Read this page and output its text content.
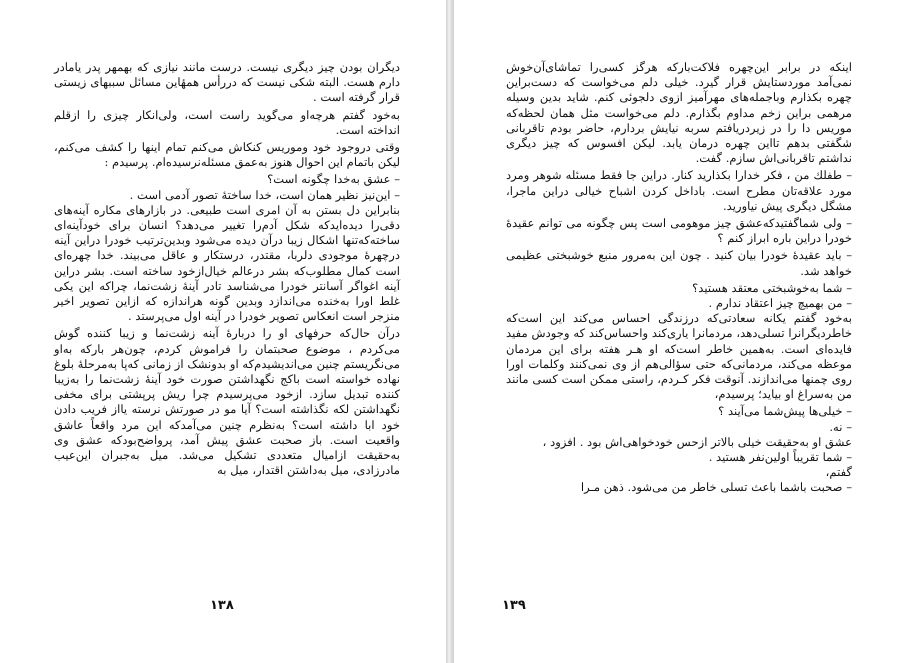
دیگران بودن چیز دیگری نیست. درست مانند نیازی که بهمهر پدر یامادر دارم هست. البته شکی نیست که دررأس همهٔاین مسائل سببهای زیستی قرار گرفته است .

به‌خود گفتم هرچه‌او می‌گوید راست است، ولی‌انکار چیزی را ازقلم انداخته است.

وقتی دروجود خود وموریس کنکاش می‌کنم تمام اینها را کشف می‌کنم، لیکن باتمام این احوال هنوز به‌عمق مسئله‌نرسیده‌ام. پرسیدم :

– عشق به‌خدا چگونه است؟

– این‌نیز نظیر همان است، خدا ساختهٔ تصور آدمی است .

بنابراین دل بستن به آن امری است طبیعی. در بازارهای مکاره آینه‌های دقی‌را دیده‌اید‌که شکل آدم‌را تغییر می‌دهد؟ انسان برای خودآینه‌ای ساخته‌که‌تنها اشکال زیبا درآن دیده می‌شود وبدین‌ترتیب خودرا دراین آینه درچهرهٔ موجودی دلربا، مقتدر، درستکار و عاقل می‌بیند. خدا چهره‌ای است کمال مطلوب‌که بشر درعالم خیال‌ازخود ساخته است. بشر دراین آینه اغواگر آسانتر خودرا می‌شناسد تادر آینهٔ زشت‌نما، چراکه این یکی غلط اورا به‌خنده می‌اندازد وبدین گونه هراندازه که ازاین تصویر اخیر منزجر است انعکاس تصویر خودرا در آینه اول می‌پرستد .

درآن حال‌که حرفهای او را دربارهٔ آینه زشت‌نما و زیبا کننده گوش می‌کردم ، موضوع صحبتمان را فراموش کردم، چون‌هر بارکه به‌او می‌نگریستم چنین می‌اندیشیدم‌که او بدونشک از زمانی که‌پا به‌مرحلهٔ بلوغ نهاده خواسته است باکج نگهداشتن صورت خود آینهٔ زشت‌نما را به‌زیبا کننده تبدیل سازد. ازخود می‌پرسیدم چرا ریش پرپشتی برای مخفی نگهداشتن لکه نگذاشته است؟ آیا مو در صورتش نرسته یااز فریب دادن خود ابا داشته است؟ به‌نظرم چنین می‌آمدکه این مرد واقعاً عاشق واقعیت است. باز صحبت عشق پیش آمد، پرواضح‌بودکه عشق وی به‌حقیقت ازامیال متعددی تشکیل می‌شد. میل به‌جبران این‌عیب مادرزادی، میل به‌داشتن اقتدار، میل به

۱۳۸

اینکه در برابر این‌چهره فلاکت‌بارکه هرگز کسی‌را تماشای‌آن‌خوش نمی‌آمد موردستایش قرار گیرد. خیلی دلم می‌خواست که دست‌براین چهره بکذارم وباجمله‌های مهرآمیز ازوی دلجوئی کنم. شاید بدین وسیله مرهمی براین زخم مداوم بگذارم. دلم می‌خواست مثل همان لحظه‌که موریس دا را در زیردریافتم سربه نیایش بردارم، حاضر بودم تاقربانی شگفتی بدهم تااین چهره درمان یابد. لیکن افسوس که چیز دیگری نداشتم تاقربانی‌اش سازم. گفت.

– طفلك من ، فكر خدارا بكذاريد كنار. دراین جا فقط مسئله شوهر ومرد مورد علاقه‌تان مطرح است. باداخل کردن اشباح خیالی دراین ماجرا، مشگل دیگری پیش نیاورید.

– ولی شماگفتیدکه‌عشق چیز موهومی است پس چگونه می توانم عقیدهٔ خودرا دراین باره ابراز کنم ؟

– باید عقیدهٔ خودرا بیان کنید . چون این به‌مرور منبع خوشبختی عظیمی خواهد شد.

– شما به‌خوشبختی معتقد هستید؟

– من بهمیچ چیز اعتقاد ندارم .

به‌خود گفتم یکانه سعادتی‌که درزندگی احساس می‌کند این است‌که خاطردیگرانرا تسلی‌دهد، مردمانرا یاری‌کند واحساس‌کند که وجودش مفید فایده‌ای است. به‌همین خاطر است‌که او هـر هفته برای این مردمان موعظه می‌کند، مردمانی‌که حتی سؤالی‌هم از وی نمی‌کنند وکلمات اورا روی چمنها می‌اندازند. آنوقت فکر کـردم، راستی ممکن است کسی مانند من به‌سراغ او بیاید؛ پرسیدم،

– خیلی‌ها پیش‌شما می‌آیند ؟

– نه.

عشق او به‌حقیقت خیلی بالاتر ازحس خودخواهی‌اش بود . افزود ،

– شما تقریباً اولین‌نفر هستید .

گفتم،

– صحبت باشما باعث تسلی خاطر من می‌شود. ذهن مـرا

۱۳۹
